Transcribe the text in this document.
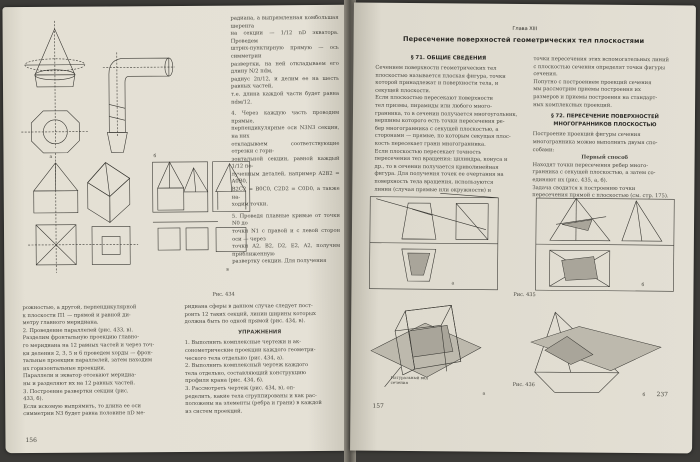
a	б
в
радиана, а выпрямленная комбольшая шеренга
на секции — 1/12 nD экватора. Проведем
штрих-пунктирную прямую — ось симметрии
развертки, на ней откладываем его длину N/2 πdм,
радиус 2π/12, и делим ее на шесть равных частей,
т.е. длина каждой части будет равна πdм/12.
4. Через каждую часть проводим прямые,
перпендикулярные оси N3N3 секции, на них
откладываем соответствующие отрезки с гори-
зонтальной секции, равной каждый 1/12 по-
лученным деталей, например A2B2 = A0B0,
B2C2 = B0C0, C2D2 = C0D0, а также на-
ходим точки.
5. Проведя плавные кривые от точки N0 до
точки N1 с правой и с левой сторон оси — через
точки A2, B2, D2, E2, A2, получим приближенную
развертку секции. Для получения
Рис. 434
рожностью, а другой, перпендикулярной
к плоскости П1 — прямой и равной ди-
метру главного меридиана.
2. Проведение параллелей (рис. 433, в).
Разделим фронтальную проекцию главно-
го меридиана на 12 равных частей и через точ-
ки деления 2, 3, 5 и 6 проведем хорды — фрон-
тальные проекции параллелей, затем находим
их горизонтальные проекции.
Параллели и экватор отсекают меридиа-
ны и разделяют их на 12 равных частей.
3. Построение развертки секции (рис.
433, б).
Если искомую выпрямить, то длина ее оси
симметрии N3 будет равна половине πD ме-
ридиана сферы в данном случае следует пост-
роить 12 таких секций, линии ширины которых
должна быть по одной прямой (рис. 434, в).
УПРАЖНЕНИЯ
1. Выполнить комплексные чертежи и ак-
сонометрические проекции каждого геометри-
ческого тела отдельно (рис. 434, а).
2. Выполнить комплексный чертеж каждого
тела отдельно, составляющий конструкцию
профиля крана (рис. 434, б).
3. Рассмотреть чертеж (рис. 434, в), оп-
ределить, какие тела сгруппированы и как рас-
положены на элементы (ребра и грани) в каждой
из систем проекций.
156
Глава XIII
Пересечение поверхностей геометрических тел плоскостями
§ 71. ОБЩИЕ СВЕДЕНИЯ
Сечением поверхности геометрических тел
плоскостью называется плоская фигура, точки
которой принадлежат и поверхности тела, и
секущей плоскости.
Если плоскостью пересекают поверхности
тел призмы, пирамиды или любого много-
гранника, то в сечении получается многоугольник,
вершины которого есть точки пересечения ре-
бер многогранника с секущей плоскостью, а
сторонами — прямые, по которым секущая плос-
кость пересекает грани многогранника.
Если плоскостью пересекает точность
пересечения тел вращения: цилиндра, конуса и
др., то в сечении получается криволинейная
фигура. Для получения точек ее очертания на
поверхность тела вращения, используются
линии (случая прямые или окружности) и
точки пересечения этих вспомогательных линий
с плоскостью сечения определят точки фигуры
сечения.
Попутно с построением проекций сечения
мы рассмотрим приемы построения их
размеров и приемы построения на стандарт-
ных комплексных проекций.
§ 72. ПЕРЕСЕЧЕНИЕ ПОВЕРХНОСТЕЙ МНОГОГРАННИКОВ ПЛОСКОСТЬЮ
Построение проекций фигуры сечения
многогранника можно выполнить двумя спо-
собами:
Первый способ
Находят точки пересечения ребер много-
гранника с секущей плоскостью, а затем со-
единяют их (рис. 435, а, б).
Задача сводится к построению точки
пересечения прямой с плоскостью (см. стр. 175).
a	б
Рис. 435
a	б
Натуральный вид сечения	Рис. 436
157
237
